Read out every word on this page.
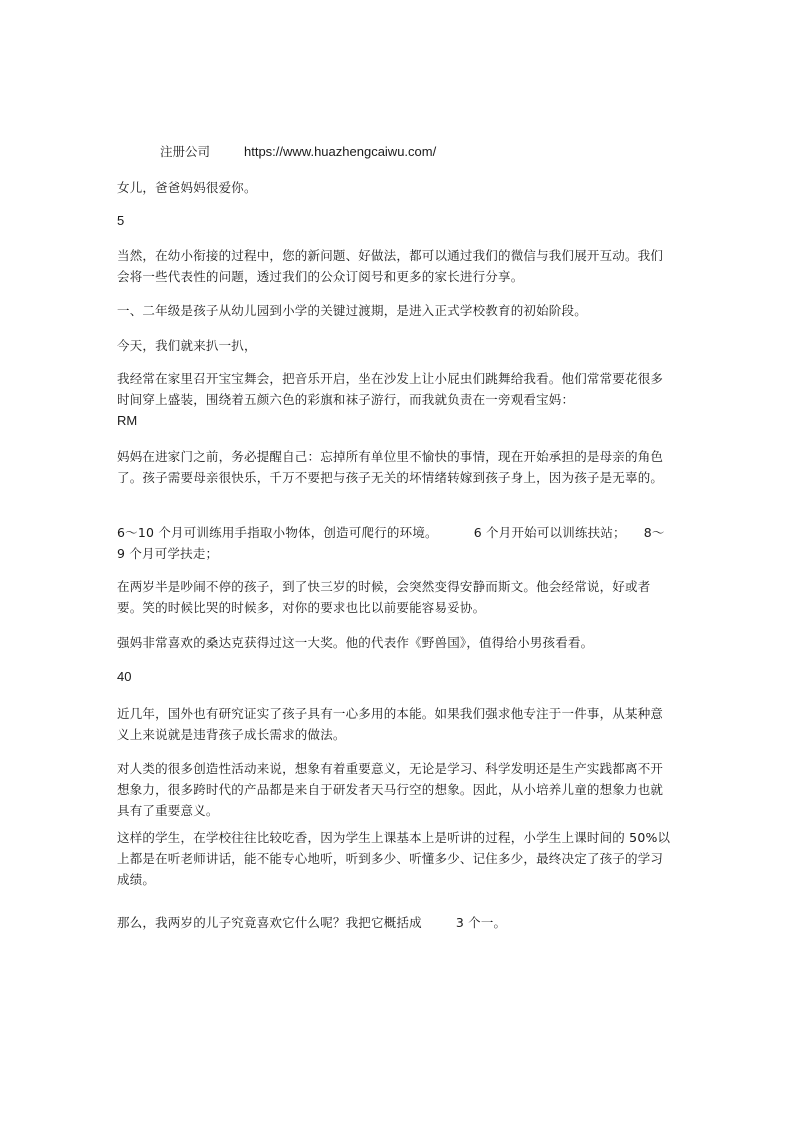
注册公司	https://www.huazhengcaiwu.com/
女儿，爸爸妈妈很爱你。
5
当然，在幼小衔接的过程中，您的新问题、好做法，都可以通过我们的微信与我们展开互动。我们会将一些代表性的问题，透过我们的公众订阅号和更多的家长进行分享。
一、二年级是孩子从幼儿园到小学的关键过渡期，是进入正式学校教育的初始阶段。
今天，我们就来扒一扒，
我经常在家里召开宝宝舞会，把音乐开启，坐在沙发上让小屁虫们跳舞给我看。他们常常要花很多时间穿上盛装，围绕着五颜六色的彩旗和袜子游行，而我就负责在一旁观看宝妈：
RM
妈妈在进家门之前，务必提醒自己：忘掉所有单位里不愉快的事情，现在开始承担的是母亲的角色了。孩子需要母亲很快乐，千万不要把与孩子无关的坏情绪转嫁到孩子身上，因为孩子是无辜的。
6～10 个月可训练用手指取小物体，创造可爬行的环境。	6 个月开始可以训练扶站； 8～9 个月可学扶走；
在两岁半是吵闹不停的孩子，到了快三岁的时候，会突然变得安静而斯文。他会经常说，好或者要。笑的时候比哭的时候多，对你的要求也比以前要能容易妥协。
强妈非常喜欢的桑达克获得过这一大奖。他的代表作《野兽国》，值得给小男孩看看。
40
近几年，国外也有研究证实了孩子具有一心多用的本能。如果我们强求他专注于一件事，从某种意义上来说就是违背孩子成长需求的做法。
对人类的很多创造性活动来说，想象有着重要意义，无论是学习、科学发明还是生产实践都离不开想象力，很多跨时代的产品都是来自于研发者天马行空的想象。因此，从小培养儿童的想象力也就具有了重要意义。
这样的学生，在学校往往比较吃香，因为学生上课基本上是听讲的过程，小学生上课时间的 50%以上都是在听老师讲话，能不能专心地听，听到多少、听懂多少、记住多少，最终决定了孩子的学习成绩。
那么，我两岁的儿子究竟喜欢它什么呢？我把它概括成	3 个一。
